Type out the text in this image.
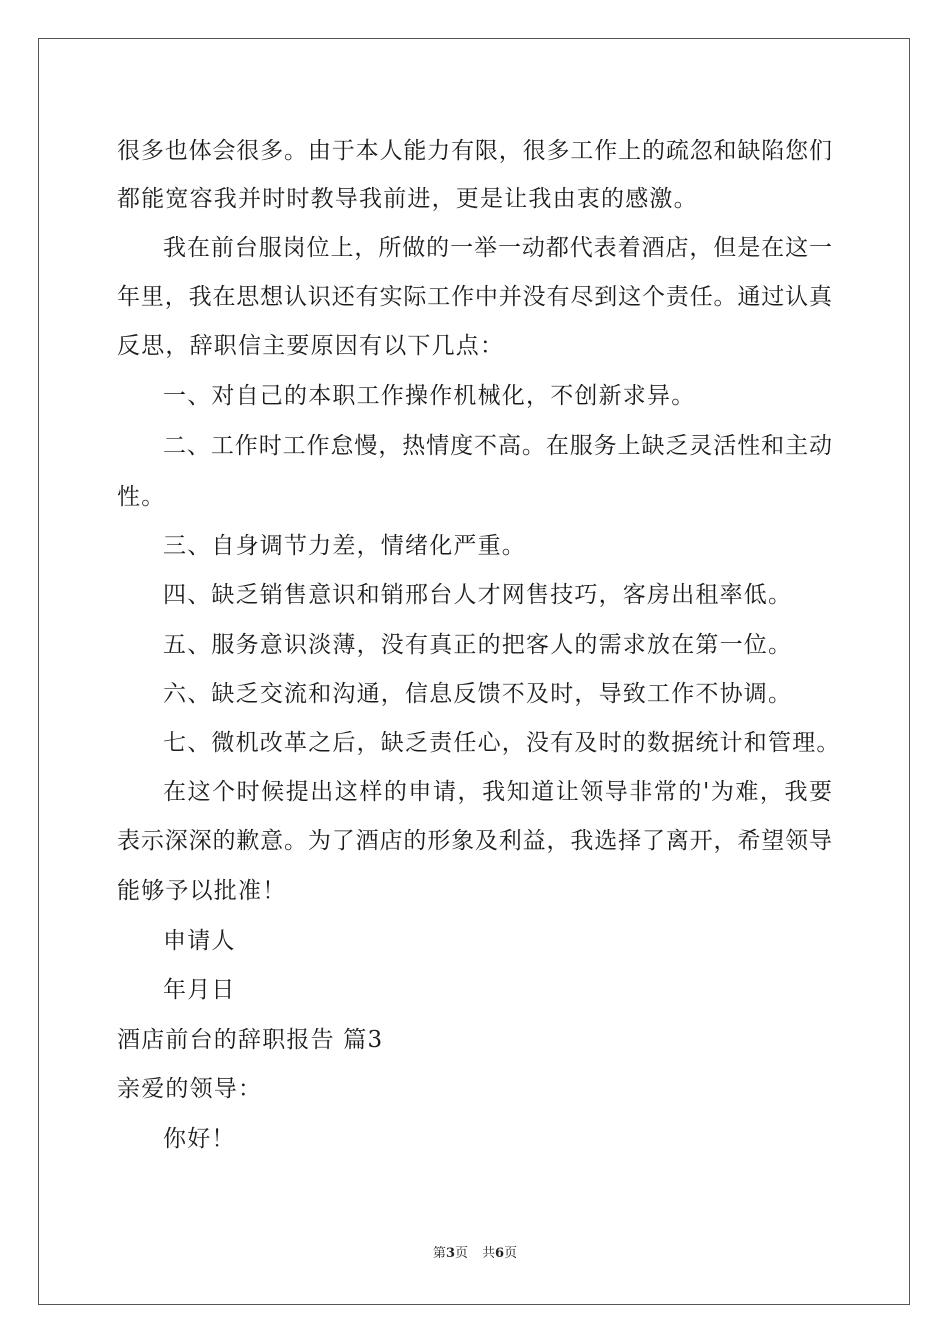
很多也体会很多。由于本人能力有限，很多工作上的疏忽和缺陷您们
都能宽容我并时时教导我前进，更是让我由衷的感激。
我在前台服岗位上，所做的一举一动都代表着酒店，但是在这一
年里，我在思想认识还有实际工作中并没有尽到这个责任。通过认真
反思，辞职信主要原因有以下几点：
一、对自己的本职工作操作机械化，不创新求异。
二、工作时工作怠慢，热情度不高。在服务上缺乏灵活性和主动
性。
三、自身调节力差，情绪化严重。
四、缺乏销售意识和销邢台人才网售技巧，客房出租率低。
五、服务意识淡薄，没有真正的把客人的需求放在第一位。
六、缺乏交流和沟通，信息反馈不及时，导致工作不协调。
七、微机改革之后，缺乏责任心，没有及时的数据统计和管理。
在这个时候提出这样的申请，我知道让领导非常的'为难，我要
表示深深的歉意。为了酒店的形象及利益，我选择了离开，希望领导
能够予以批准！
申请人
年月日
酒店前台的辞职报告 篇3
亲爱的领导：
你好！
第3页 共6页
